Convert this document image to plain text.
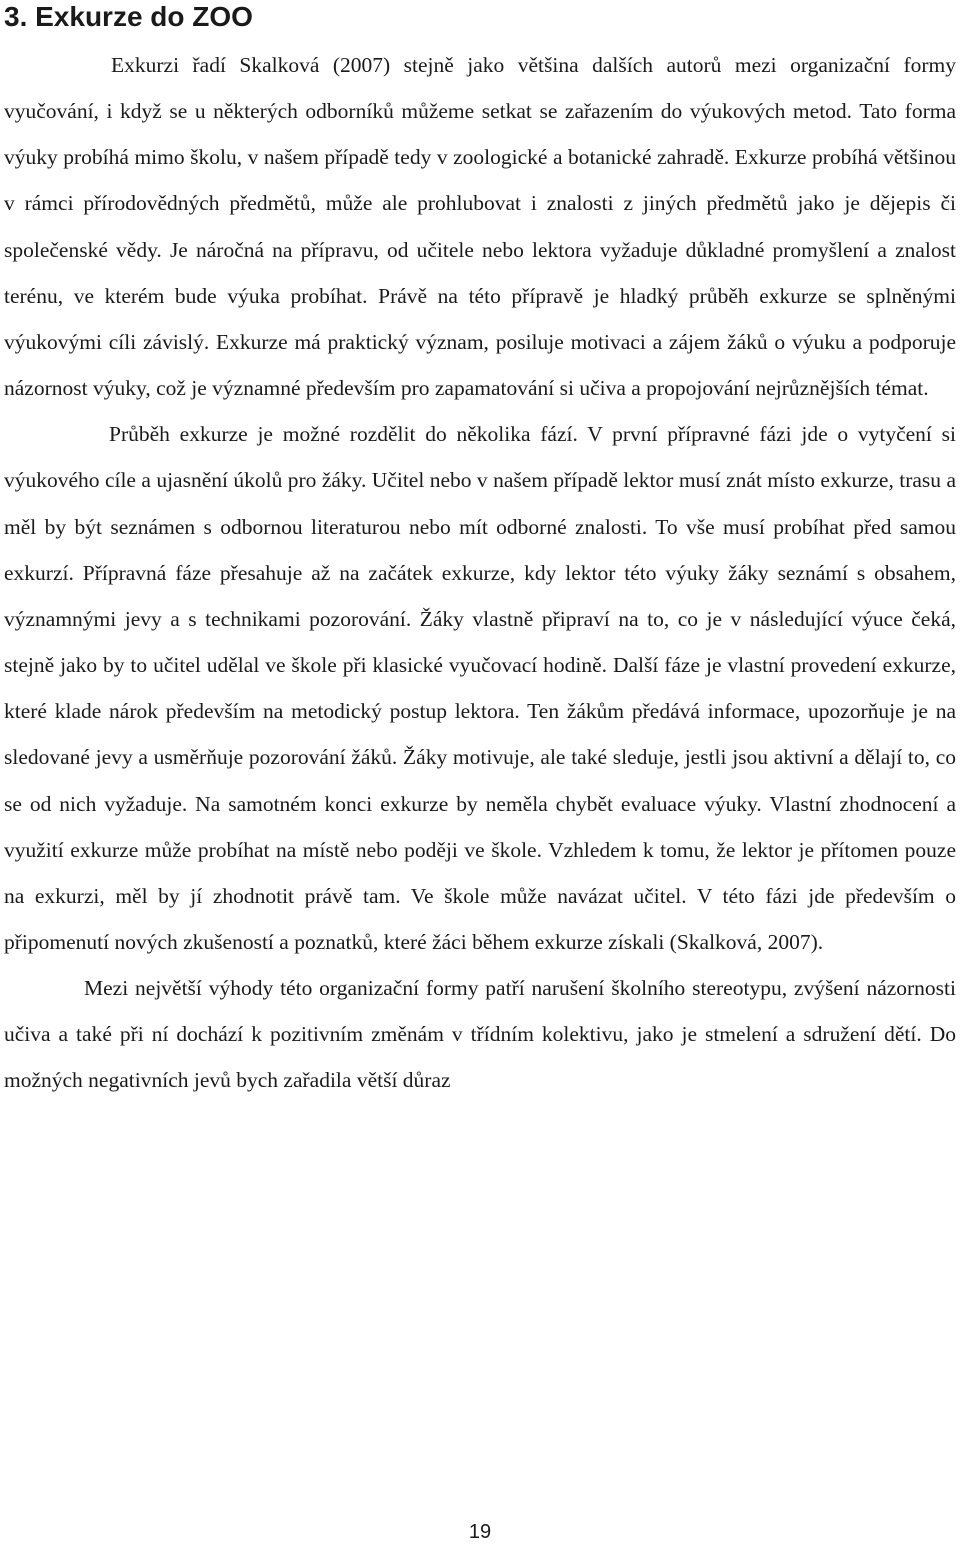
3. Exkurze do ZOO

Exkurzi řadí Skalková (2007) stejně jako většina dalších autorů mezi organizační formy vyučování, i když se u některých odborníků můžeme setkat se zařazením do výukových metod. Tato forma výuky probíhá mimo školu, v našem případě tedy v zoologické a botanické zahradě. Exkurze probíhá většinou v rámci přírodovědných předmětů, může ale prohlubovat i znalosti z jiných předmětů jako je dějepis či společenské vědy. Je náročná na přípravu, od učitele nebo lektora vyžaduje důkladné promyšlení a znalost terénu, ve kterém bude výuka probíhat. Právě na této přípravě je hladký průběh exkurze se splněnými výukovými cíli závislý. Exkurze má praktický význam, posiluje motivaci a zájem žáků o výuku a podporuje názornost výuky, což je významné především pro zapamatování si učiva a propojování nejrůznějších témat.

Průběh exkurze je možné rozdělit do několika fází. V první přípravné fázi jde o vytyčení si výukového cíle a ujasnění úkolů pro žáky. Učitel nebo v našem případě lektor musí znát místo exkurze, trasu a měl by být seznámen s odbornou literaturou nebo mít odborné znalosti. To vše musí probíhat před samou exkurzí. Přípravná fáze přesahuje až na začátek exkurze, kdy lektor této výuky žáky seznámí s obsahem, významnými jevy a s technikami pozorování. Žáky vlastně připraví na to, co je v následující výuce čeká, stejně jako by to učitel udělal ve škole při klasické vyučovací hodině. Další fáze je vlastní provedení exkurze, které klade nárok především na metodický postup lektora. Ten žákům předává informace, upozorňuje je na sledované jevy a usměrňuje pozorování žáků. Žáky motivuje, ale také sleduje, jestli jsou aktivní a dělají to, co se od nich vyžaduje. Na samotném konci exkurze by neměla chybět evaluace výuky. Vlastní zhodnocení a využití exkurze může probíhat na místě nebo poději ve škole. Vzhledem k tomu, že lektor je přítomen pouze na exkurzi, měl by jí zhodnotit právě tam. Ve škole může navázat učitel. V této fázi jde především o připomenutí nových zkušeností a poznatků, které žáci během exkurze získali (Skalková, 2007).

Mezi největší výhody této organizační formy patří narušení školního stereotypu, zvýšení názornosti učiva a také při ní dochází k pozitivním změnám v třídním kolektivu, jako je stmelení a sdružení dětí. Do možných negativních jevů bych zařadila větší důraz

19
